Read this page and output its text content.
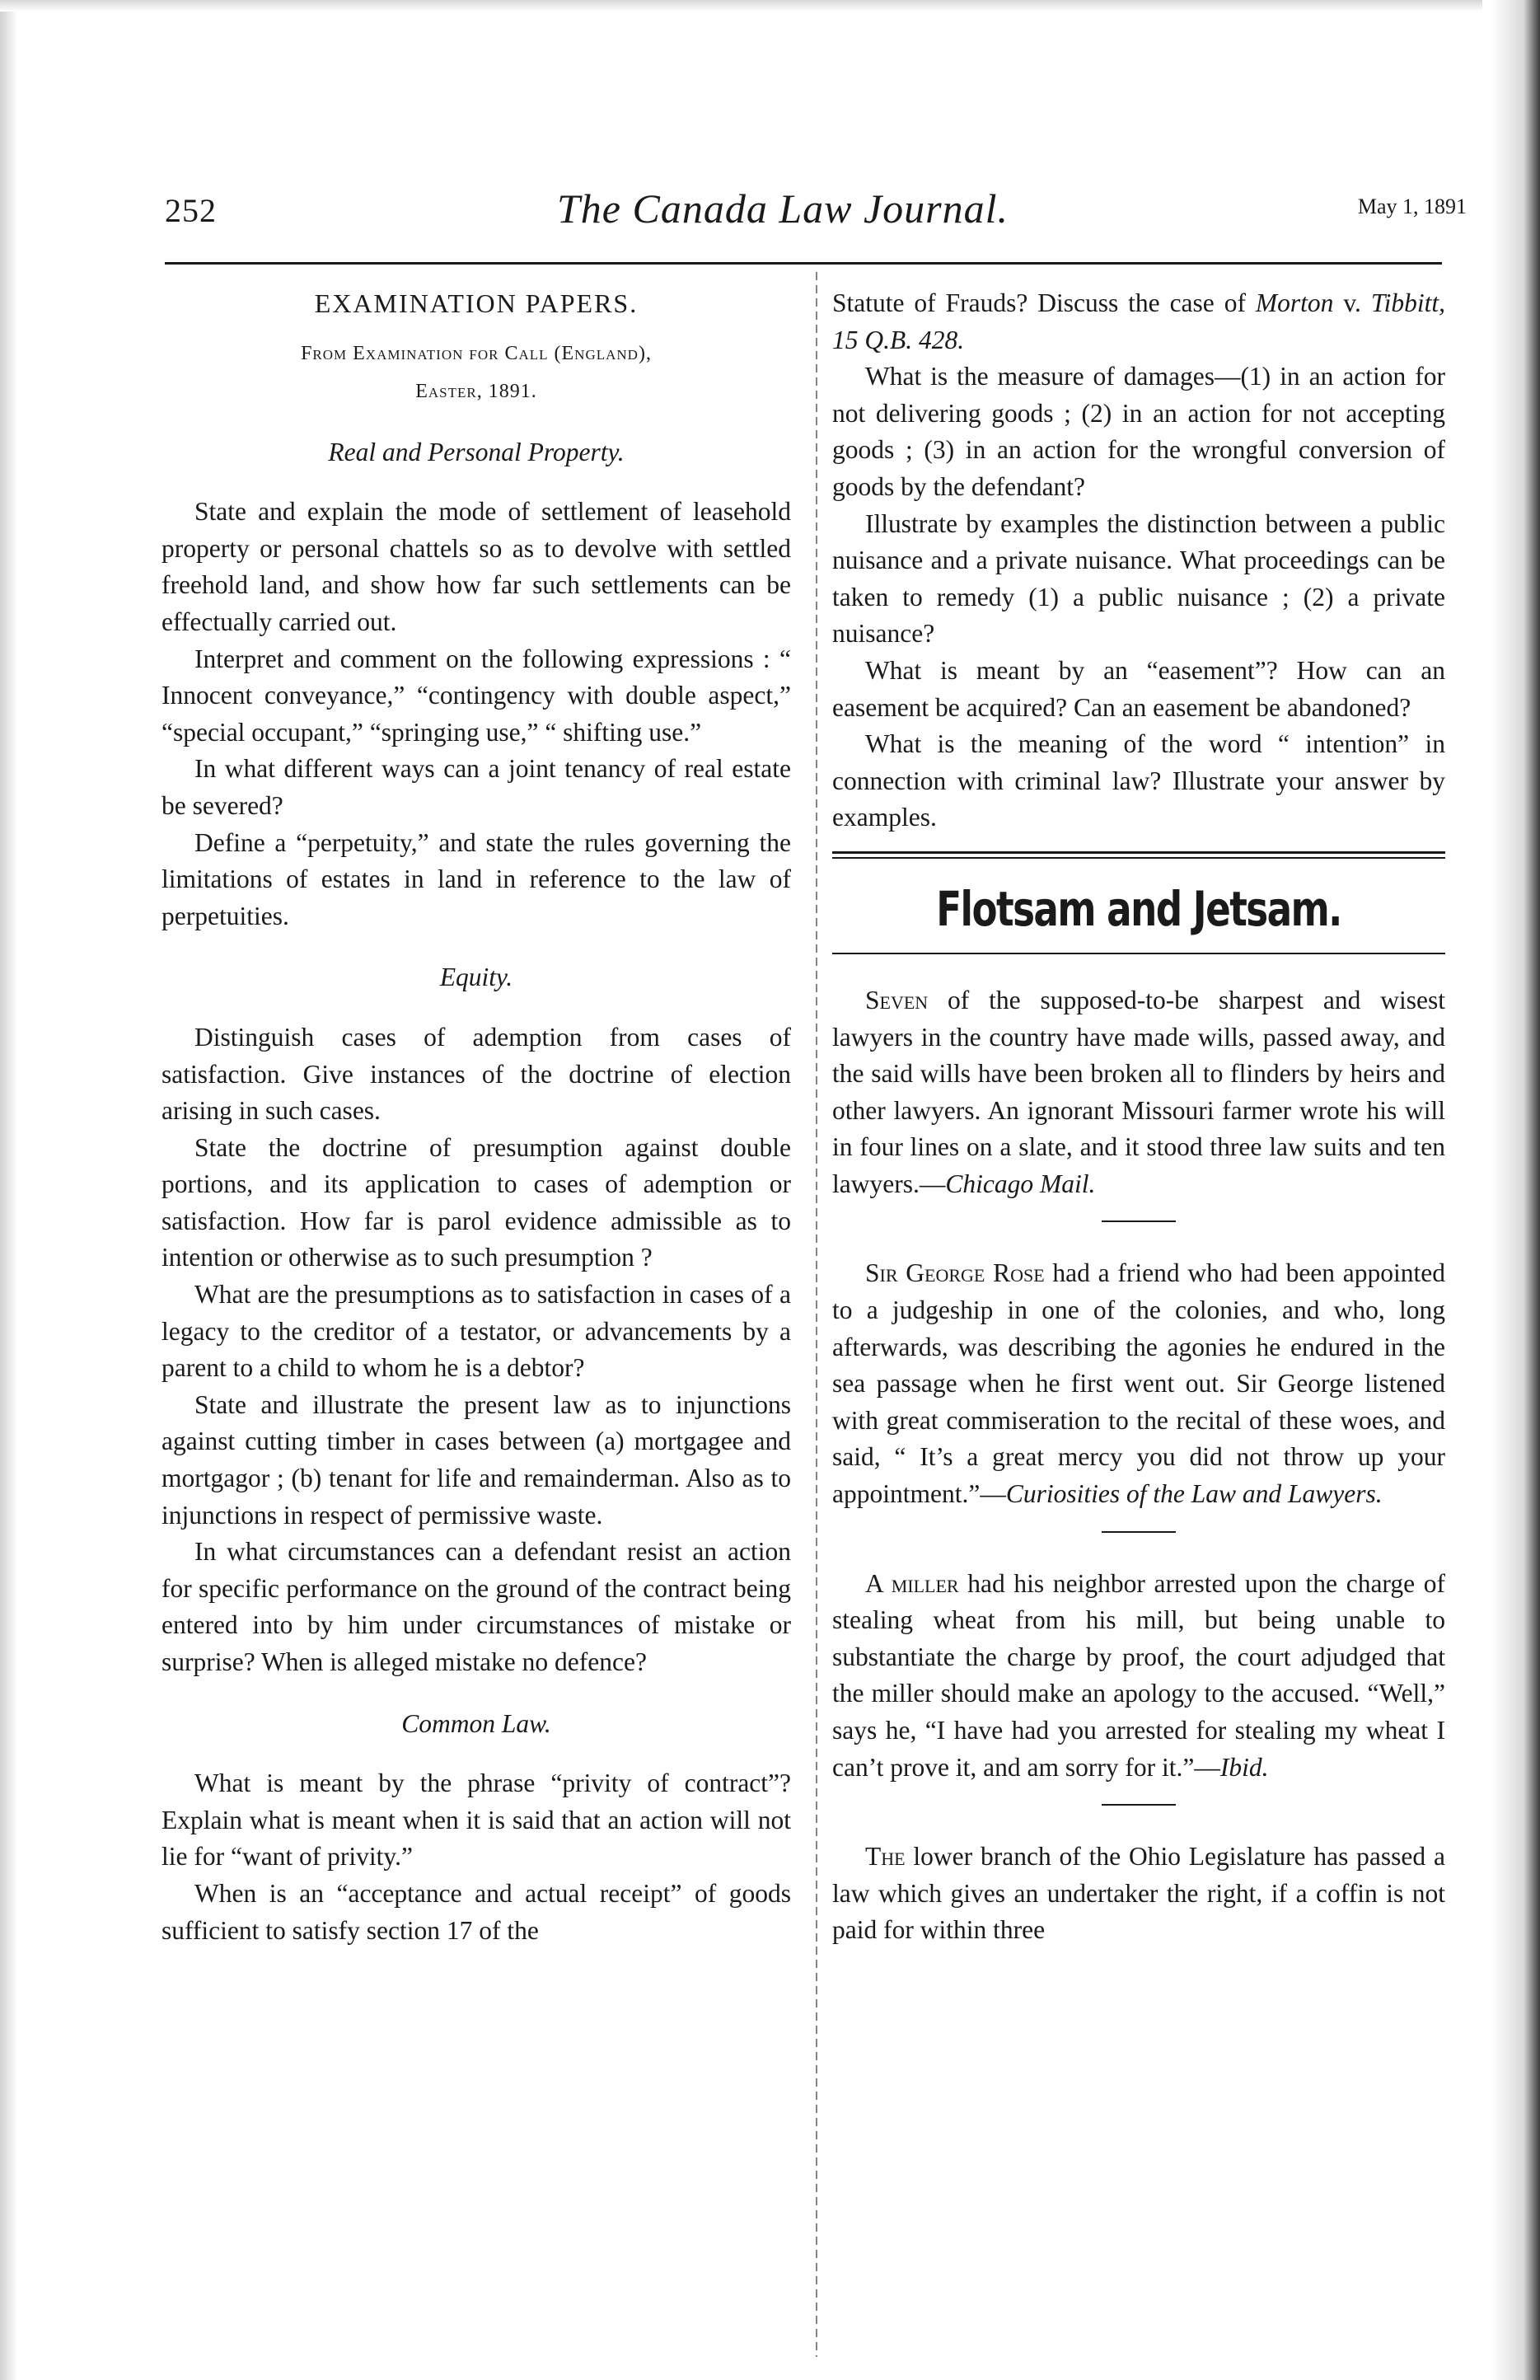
252	The Canada Law Journal.	May 1, 1891
EXAMINATION PAPERS.
From Examination for Call (England),
Easter, 1891.
Real and Personal Property.

State and explain the mode of settlement of leasehold property or personal chattels so as to devolve with settled freehold land, and show how far such settlements can be effectually carried out.

Interpret and comment on the following expressions : “ Innocent conveyance,” “contingency with double aspect,” “special occupant,” “springing use,” “ shifting use.”

In what different ways can a joint tenancy of real estate be severed?

Define a “perpetuity,” and state the rules governing the limitations of estates in land in reference to the law of perpetuities.

Equity.

Distinguish cases of ademption from cases of satisfaction. Give instances of the doctrine of election arising in such cases.

State the doctrine of presumption against double portions, and its application to cases of ademption or satisfaction. How far is parol evidence admissible as to intention or otherwise as to such presumption ?

What are the presumptions as to satisfaction in cases of a legacy to the creditor of a testator, or advancements by a parent to a child to whom he is a debtor?

State and illustrate the present law as to injunctions against cutting timber in cases between (a) mortgagee and mortgagor ; (b) tenant for life and remainderman. Also as to injunctions in respect of permissive waste.

In what circumstances can a defendant resist an action for specific performance on the ground of the contract being entered into by him under circumstances of mistake or surprise? When is alleged mistake no defence?

Common Law.

What is meant by the phrase “privity of contract”? Explain what is meant when it is said that an action will not lie for “want of privity.”

When is an “acceptance and actual receipt” of goods sufficient to satisfy section 17 of the

Statute of Frauds? Discuss the case of Morton v. Tibbitt, 15 Q.B. 428.

What is the measure of damages—(1) in an action for not delivering goods ; (2) in an action for not accepting goods ; (3) in an action for the wrongful conversion of goods by the defendant?

Illustrate by examples the distinction between a public nuisance and a private nuisance. What proceedings can be taken to remedy (1) a public nuisance ; (2) a private nuisance?

What is meant by an “easement”? How can an easement be acquired? Can an easement be abandoned?

What is the meaning of the word “ intention” in connection with criminal law? Illustrate your answer by examples.

Flotsam and Jetsam.

Seven of the supposed-to-be sharpest and wisest lawyers in the country have made wills, passed away, and the said wills have been broken all to flinders by heirs and other lawyers. An ignorant Missouri farmer wrote his will in four lines on a slate, and it stood three law suits and ten lawyers.—Chicago Mail.

Sir George Rose had a friend who had been appointed to a judgeship in one of the colonies, and who, long afterwards, was describing the agonies he endured in the sea passage when he first went out. Sir George listened with great commiseration to the recital of these woes, and said, “ It’s a great mercy you did not throw up your appointment.”—Curiosities of the Law and Lawyers.

A miller had his neighbor arrested upon the charge of stealing wheat from his mill, but being unable to substantiate the charge by proof, the court adjudged that the miller should make an apology to the accused. “Well,” says he, “I have had you arrested for stealing my wheat I can’t prove it, and am sorry for it.”—Ibid.

The lower branch of the Ohio Legislature has passed a law which gives an undertaker the right, if a coffin is not paid for within three
